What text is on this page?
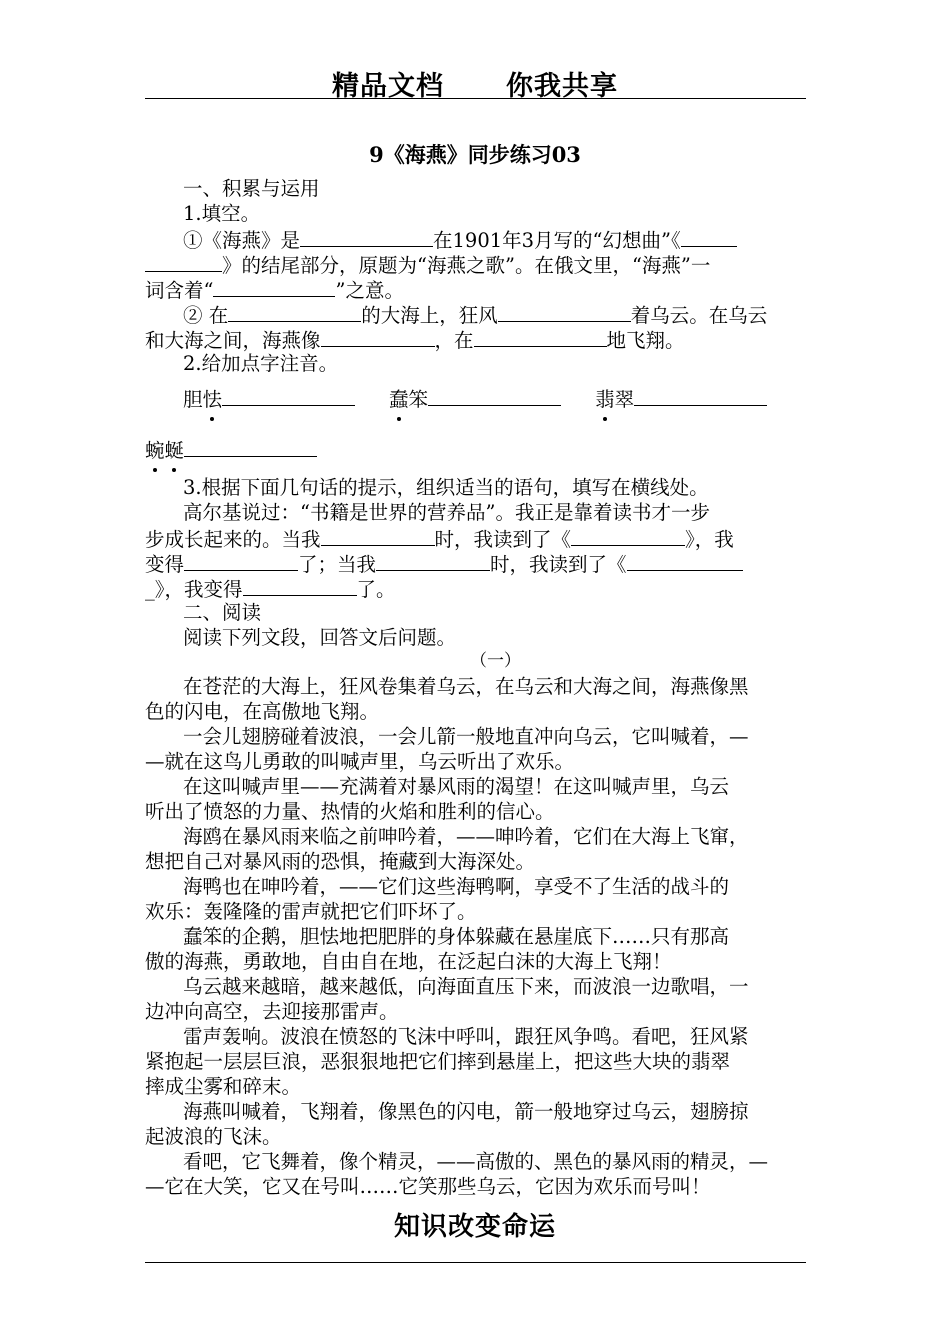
精品文档 你我共享
9《海燕》同步练习03
一、积累与运用
1.填空。
①《海燕》是	在1901年3月写的“幻想曲”《
》的结尾部分，原题为“海燕之歌”。在俄文里，“海燕”一
词含着“	”之意。
② 在	的大海上，狂风	着乌云。在乌云
和大海之间，海燕像	，在	地飞翔。
2.给加点字注音。
胆怯	蠢笨	翡翠
蜿蜒
3.根据下面几句话的提示，组织适当的语句，填写在横线处。
高尔基说过：“书籍是世界的营养品”。我正是靠着读书才一步
步成长起来的。当我	时，我读到了《	》，我
变得	了；当我	时，我读到了《
_》，我变得	了。
二、阅读
阅读下列文段，回答文后问题。
（一）
在苍茫的大海上，狂风卷集着乌云，在乌云和大海之间，海燕像黑
色的闪电，在高傲地飞翔。
一会儿翅膀碰着波浪，一会儿箭一般地直冲向乌云，它叫喊着，—
—就在这鸟儿勇敢的叫喊声里，乌云听出了欢乐。
在这叫喊声里——充满着对暴风雨的渴望！在这叫喊声里，乌云
听出了愤怒的力量、热情的火焰和胜利的信心。
海鸥在暴风雨来临之前呻吟着，——呻吟着，它们在大海上飞窜，
想把自己对暴风雨的恐惧，掩藏到大海深处。
海鸭也在呻吟着，——它们这些海鸭啊，享受不了生活的战斗的
欢乐：轰隆隆的雷声就把它们吓坏了。
蠢笨的企鹅，胆怯地把肥胖的身体躲藏在悬崖底下……只有那高
傲的海燕，勇敢地，自由自在地，在泛起白沫的大海上飞翔！
乌云越来越暗，越来越低，向海面直压下来，而波浪一边歌唱，一
边冲向高空，去迎接那雷声。
雷声轰响。波浪在愤怒的飞沫中呼叫，跟狂风争鸣。看吧，狂风紧
紧抱起一层层巨浪，恶狠狠地把它们摔到悬崖上，把这些大块的翡翠
摔成尘雾和碎末。
海燕叫喊着，飞翔着，像黑色的闪电，箭一般地穿过乌云，翅膀掠
起波浪的飞沫。
看吧，它飞舞着，像个精灵，——高傲的、黑色的暴风雨的精灵，—
—它在大笑，它又在号叫……它笑那些乌云，它因为欢乐而号叫！
知识改变命运
